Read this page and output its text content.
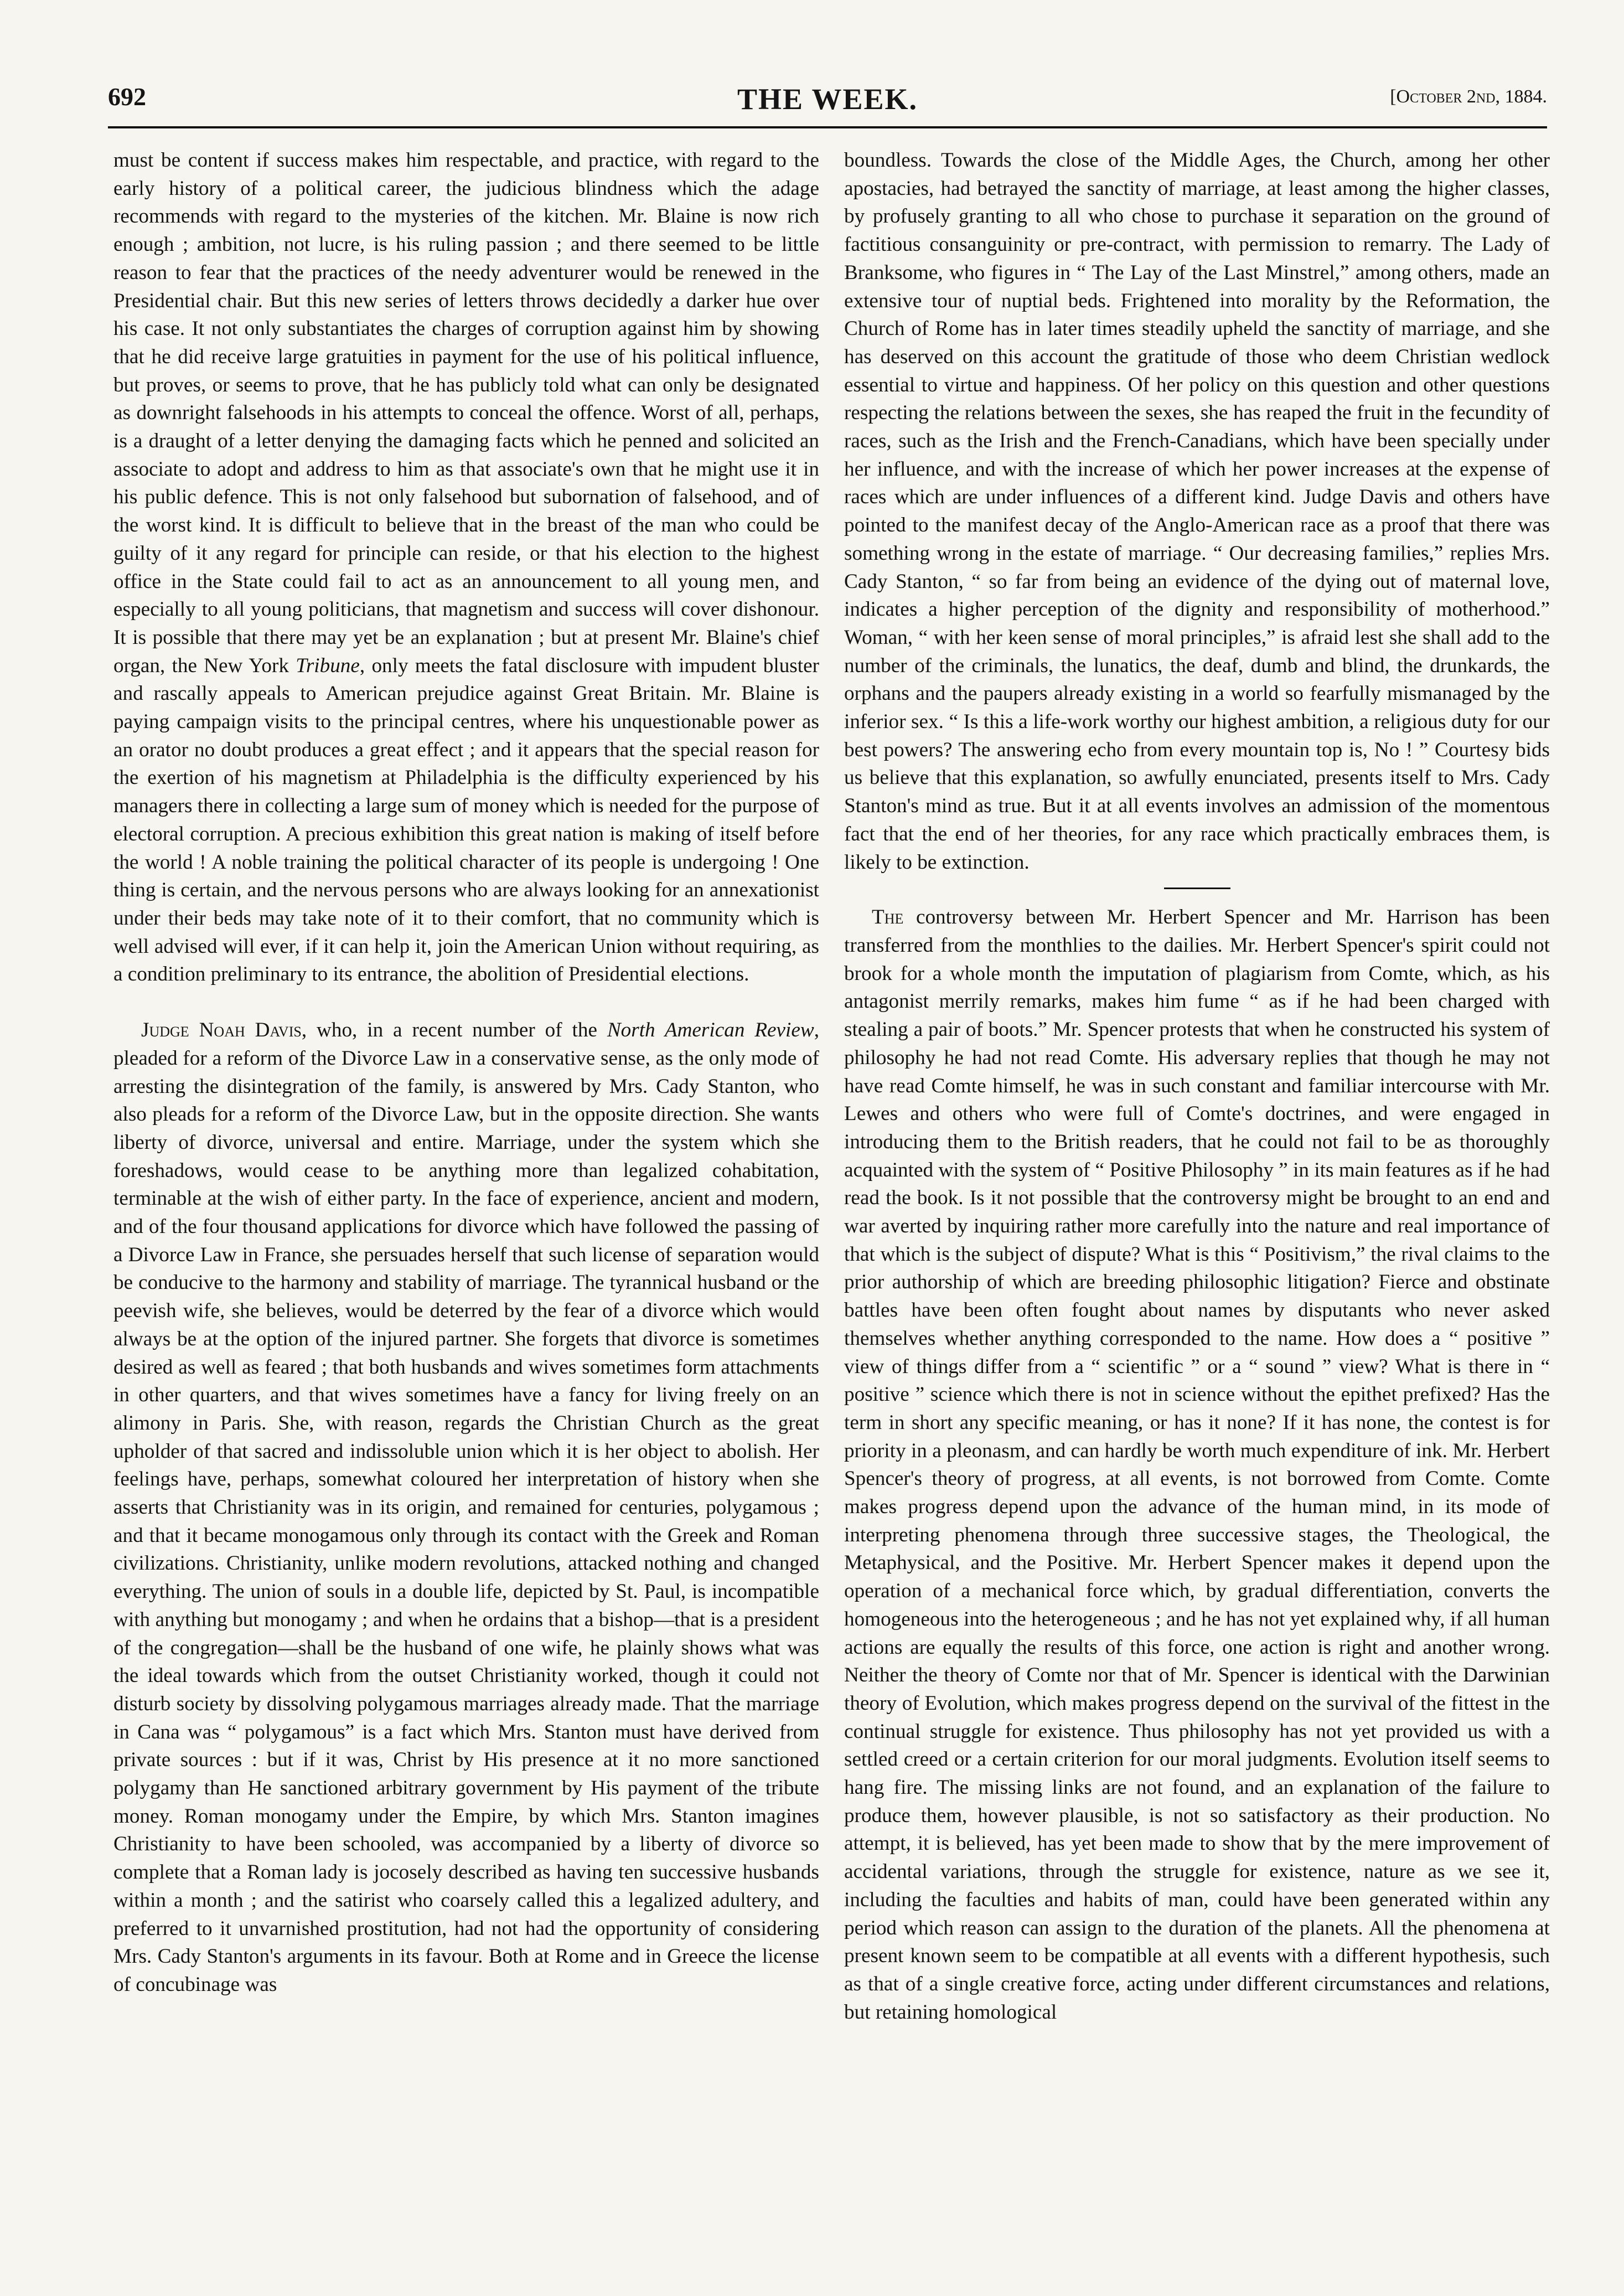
692	THE WEEK.	[October 2nd, 1884.

must be content if success makes him respectable, and practice, with regard to the early history of a political career, the judicious blindness which the adage recommends with regard to the mysteries of the kitchen. Mr. Blaine is now rich enough ; ambition, not lucre, is his ruling passion ; and there seemed to be little reason to fear that the practices of the needy adventurer would be renewed in the Presidential chair. But this new series of letters throws decidedly a darker hue over his case. It not only substantiates the charges of corruption against him by showing that he did receive large gratuities in payment for the use of his political influence, but proves, or seems to prove, that he has publicly told what can only be designated as downright falsehoods in his attempts to conceal the offence. Worst of all, perhaps, is a draught of a letter denying the damaging facts which he penned and solicited an associate to adopt and address to him as that associate's own that he might use it in his public defence. This is not only falsehood but subornation of falsehood, and of the worst kind. It is difficult to believe that in the breast of the man who could be guilty of it any regard for principle can reside, or that his election to the highest office in the State could fail to act as an announcement to all young men, and especially to all young politicians, that magnetism and success will cover dishonour. It is possible that there may yet be an explanation ; but at present Mr. Blaine's chief organ, the New York Tribune, only meets the fatal disclosure with impudent bluster and rascally appeals to American prejudice against Great Britain. Mr. Blaine is paying campaign visits to the principal centres, where his unquestionable power as an orator no doubt produces a great effect ; and it appears that the special reason for the exertion of his magnetism at Philadelphia is the difficulty experienced by his managers there in collecting a large sum of money which is needed for the purpose of electoral corruption. A precious exhibition this great nation is making of itself before the world ! A noble training the political character of its people is undergoing ! One thing is certain, and the nervous persons who are always looking for an annexationist under their beds may take note of it to their comfort, that no community which is well advised will ever, if it can help it, join the American Union without requiring, as a condition preliminary to its entrance, the abolition of Presidential elections.

Judge Noah Davis, who, in a recent number of the North American Review, pleaded for a reform of the Divorce Law in a conservative sense, as the only mode of arresting the disintegration of the family, is answered by Mrs. Cady Stanton, who also pleads for a reform of the Divorce Law, but in the opposite direction. She wants liberty of divorce, universal and entire. Marriage, under the system which she foreshadows, would cease to be anything more than legalized cohabitation, terminable at the wish of either party. In the face of experience, ancient and modern, and of the four thousand applications for divorce which have followed the passing of a Divorce Law in France, she persuades herself that such license of separation would be conducive to the harmony and stability of marriage. The tyrannical husband or the peevish wife, she believes, would be deterred by the fear of a divorce which would always be at the option of the injured partner. She forgets that divorce is sometimes desired as well as feared ; that both husbands and wives sometimes form attachments in other quarters, and that wives sometimes have a fancy for living freely on an alimony in Paris. She, with reason, regards the Christian Church as the great upholder of that sacred and indissoluble union which it is her object to abolish. Her feelings have, perhaps, somewhat coloured her interpretation of history when she asserts that Christianity was in its origin, and remained for centuries, polygamous ; and that it became monogamous only through its contact with the Greek and Roman civilizations. Christianity, unlike modern revolutions, attacked nothing and changed everything. The union of souls in a double life, depicted by St. Paul, is incompatible with anything but monogamy ; and when he ordains that a bishop—that is a president of the congregation—shall be the husband of one wife, he plainly shows what was the ideal towards which from the outset Christianity worked, though it could not disturb society by dissolving polygamous marriages already made. That the marriage in Cana was “ polygamous” is a fact which Mrs. Stanton must have derived from private sources : but if it was, Christ by His presence at it no more sanctioned polygamy than He sanctioned arbitrary government by His payment of the tribute money. Roman monogamy under the Empire, by which Mrs. Stanton imagines Christianity to have been schooled, was accompanied by a liberty of divorce so complete that a Roman lady is jocosely described as having ten successive husbands within a month ; and the satirist who coarsely called this a legalized adultery, and preferred to it unvarnished prostitution, had not had the opportunity of considering Mrs. Cady Stanton's arguments in its favour. Both at Rome and in Greece the license of concubinage was

boundless. Towards the close of the Middle Ages, the Church, among her other apostacies, had betrayed the sanctity of marriage, at least among the higher classes, by profusely granting to all who chose to purchase it separation on the ground of factitious consanguinity or pre-contract, with permission to remarry. The Lady of Branksome, who figures in “ The Lay of the Last Minstrel,” among others, made an extensive tour of nuptial beds. Frightened into morality by the Reformation, the Church of Rome has in later times steadily upheld the sanctity of marriage, and she has deserved on this account the gratitude of those who deem Christian wedlock essential to virtue and happiness. Of her policy on this question and other questions respecting the relations between the sexes, she has reaped the fruit in the fecundity of races, such as the Irish and the French-Canadians, which have been specially under her influence, and with the increase of which her power increases at the expense of races which are under influences of a different kind. Judge Davis and others have pointed to the manifest decay of the Anglo-American race as a proof that there was something wrong in the estate of marriage. “ Our decreasing families,” replies Mrs. Cady Stanton, “ so far from being an evidence of the dying out of maternal love, indicates a higher perception of the dignity and responsibility of motherhood.” Woman, “ with her keen sense of moral principles,” is afraid lest she shall add to the number of the criminals, the lunatics, the deaf, dumb and blind, the drunkards, the orphans and the paupers already existing in a world so fearfully mismanaged by the inferior sex. “ Is this a life-work worthy our highest ambition, a religious duty for our best powers? The answering echo from every mountain top is, No ! ” Courtesy bids us believe that this explanation, so awfully enunciated, presents itself to Mrs. Cady Stanton's mind as true. But it at all events involves an admission of the momentous fact that the end of her theories, for any race which practically embraces them, is likely to be extinction.

The controversy between Mr. Herbert Spencer and Mr. Harrison has been transferred from the monthlies to the dailies. Mr. Herbert Spencer's spirit could not brook for a whole month the imputation of plagiarism from Comte, which, as his antagonist merrily remarks, makes him fume “ as if he had been charged with stealing a pair of boots.” Mr. Spencer protests that when he constructed his system of philosophy he had not read Comte. His adversary replies that though he may not have read Comte himself, he was in such constant and familiar intercourse with Mr. Lewes and others who were full of Comte's doctrines, and were engaged in introducing them to the British readers, that he could not fail to be as thoroughly acquainted with the system of “ Positive Philosophy ” in its main features as if he had read the book. Is it not possible that the controversy might be brought to an end and war averted by inquiring rather more carefully into the nature and real importance of that which is the subject of dispute? What is this “ Positivism,” the rival claims to the prior authorship of which are breeding philosophic litigation? Fierce and obstinate battles have been often fought about names by disputants who never asked themselves whether anything corresponded to the name. How does a “ positive ” view of things differ from a “ scientific ” or a “ sound ” view? What is there in “ positive ” science which there is not in science without the epithet prefixed? Has the term in short any specific meaning, or has it none? If it has none, the contest is for priority in a pleonasm, and can hardly be worth much expenditure of ink. Mr. Herbert Spencer's theory of progress, at all events, is not borrowed from Comte. Comte makes progress depend upon the advance of the human mind, in its mode of interpreting phenomena through three successive stages, the Theological, the Metaphysical, and the Positive. Mr. Herbert Spencer makes it depend upon the operation of a mechanical force which, by gradual differentiation, converts the homogeneous into the heterogeneous ; and he has not yet explained why, if all human actions are equally the results of this force, one action is right and another wrong. Neither the theory of Comte nor that of Mr. Spencer is identical with the Darwinian theory of Evolution, which makes progress depend on the survival of the fittest in the continual struggle for existence. Thus philosophy has not yet provided us with a settled creed or a certain criterion for our moral judgments. Evolution itself seems to hang fire. The missing links are not found, and an explanation of the failure to produce them, however plausible, is not so satisfactory as their production. No attempt, it is believed, has yet been made to show that by the mere improvement of accidental variations, through the struggle for existence, nature as we see it, including the faculties and habits of man, could have been generated within any period which reason can assign to the duration of the planets. All the phenomena at present known seem to be compatible at all events with a different hypothesis, such as that of a single creative force, acting under different circumstances and relations, but retaining homological
